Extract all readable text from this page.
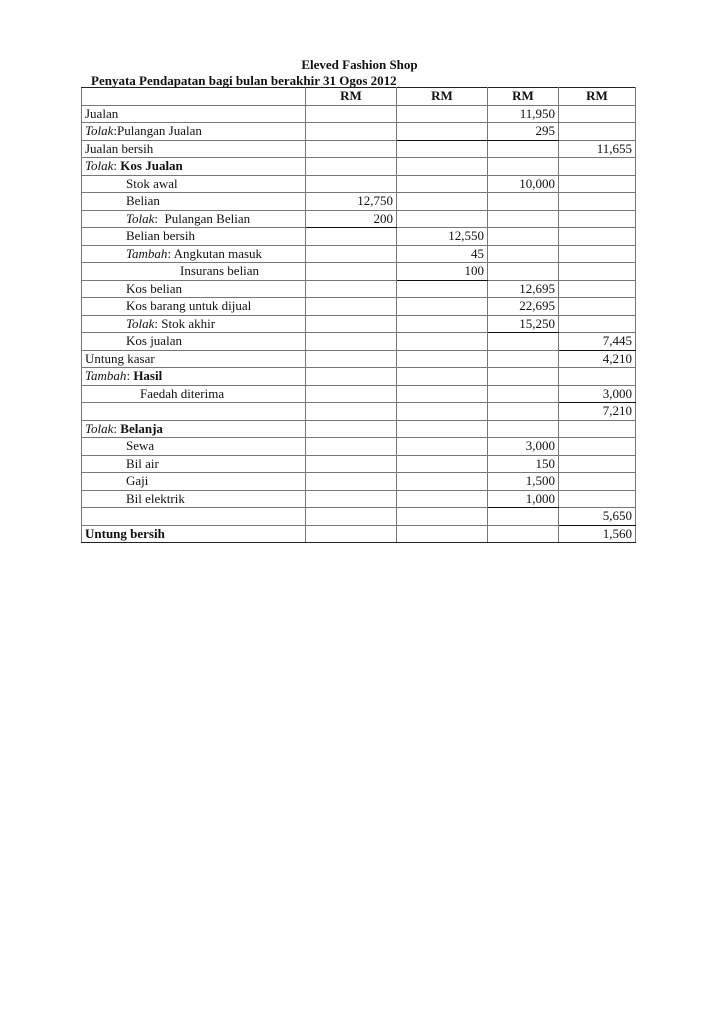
Eleved Fashion Shop
Penyata Pendapatan bagi bulan berakhir 31 Ogos 2012
	RM	RM	RM	RM
Jualan			11,950	
Tolak:Pulangan Jualan			295	
Jualan bersih				11,655
Tolak: Kos Jualan				
Stok awal			10,000	
Belian	12,750			
Tolak:  Pulangan Belian	200			
Belian bersih		12,550		
Tambah: Angkutan masuk		45		
Insurans belian		100		
Kos belian			12,695	
Kos barang untuk dijual			22,695	
Tolak: Stok akhir			15,250	
Kos jualan				7,445
Untung kasar				4,210
Tambah: Hasil				
Faedah diterima				3,000
				7,210
Tolak: Belanja				
Sewa			3,000	
Bil air			150	
Gaji			1,500	
Bil elektrik			1,000	
				5,650
Untung bersih				1,560
